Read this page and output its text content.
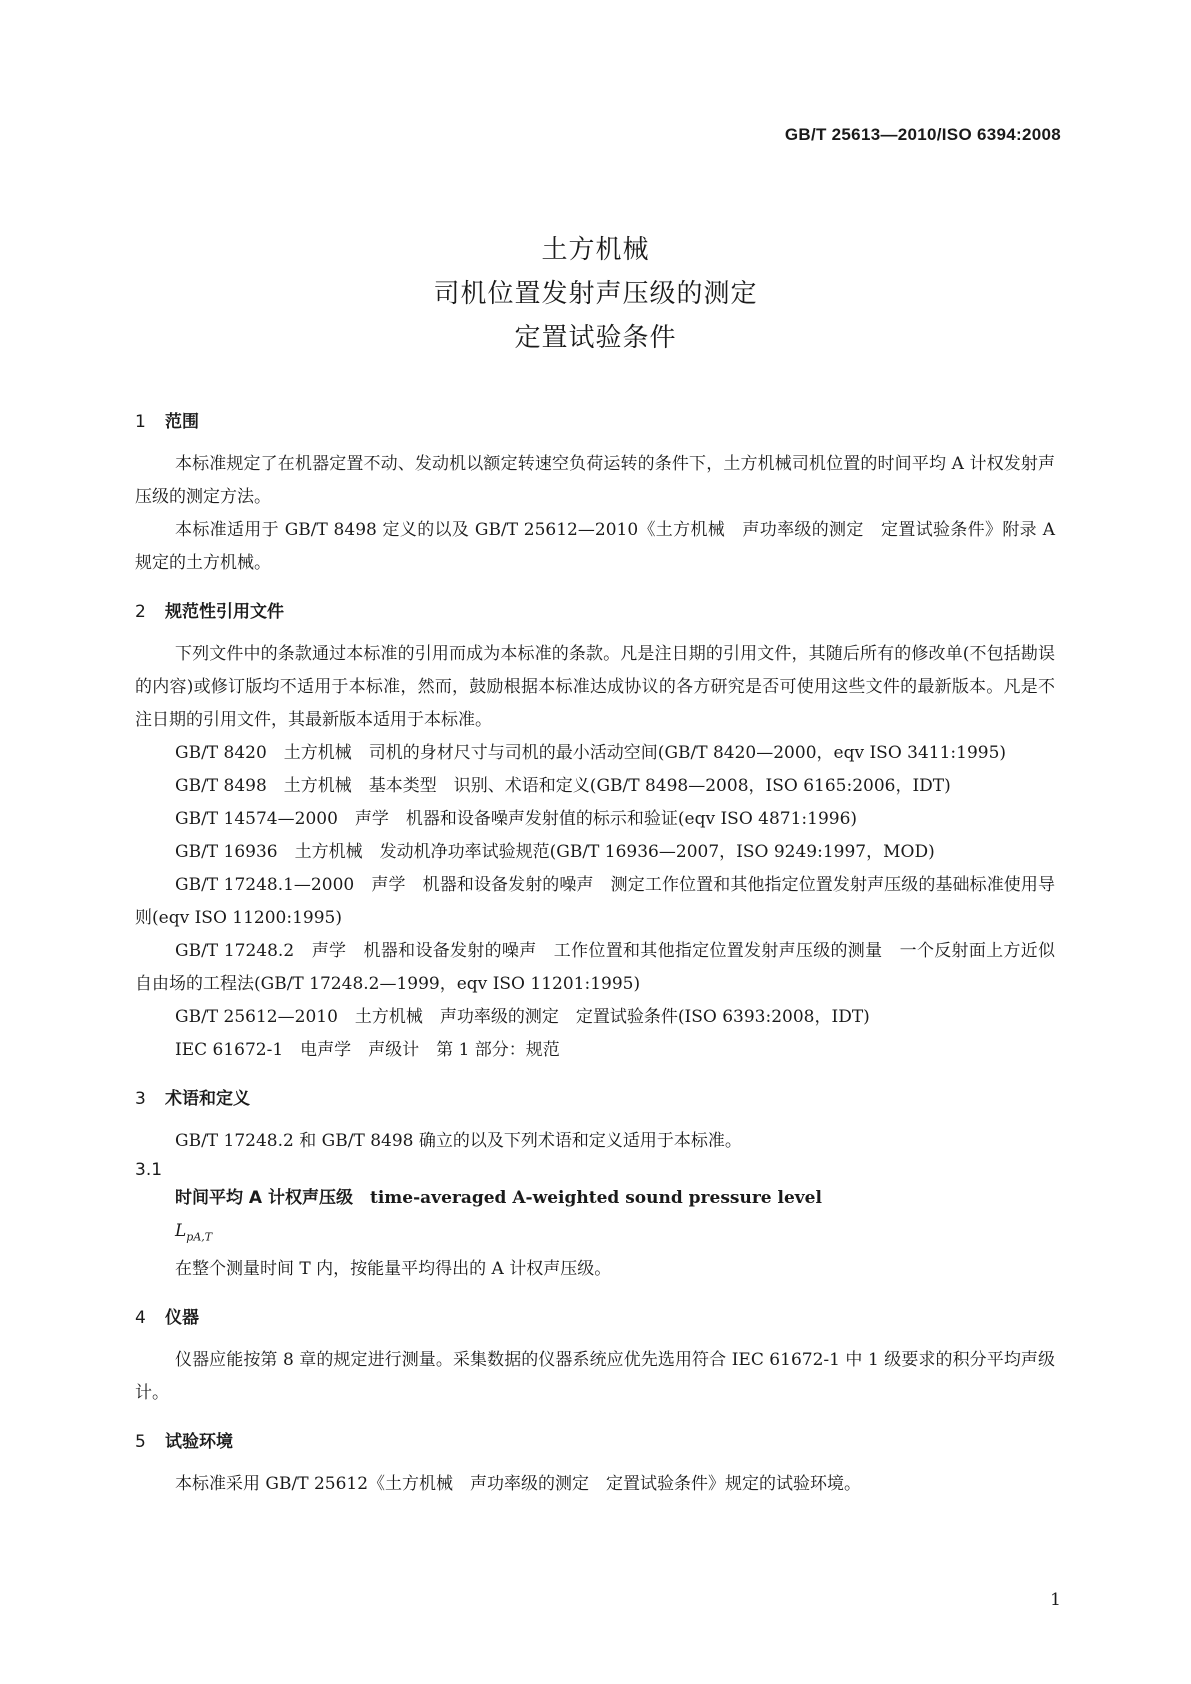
GB/T 25613—2010/ISO 6394:2008
土方机械
司机位置发射声压级的测定
定置试验条件
1 范围

本标准规定了在机器定置不动、发动机以额定转速空负荷运转的条件下，土方机械司机位置的时间平均 A 计权发射声压级的测定方法。

本标准适用于 GB/T 8498 定义的以及 GB/T 25612—2010《土方机械　声功率级的测定　定置试验条件》附录 A 规定的土方机械。

2 规范性引用文件

下列文件中的条款通过本标准的引用而成为本标准的条款。凡是注日期的引用文件，其随后所有的修改单(不包括勘误的内容)或修订版均不适用于本标准，然而，鼓励根据本标准达成协议的各方研究是否可使用这些文件的最新版本。凡是不注日期的引用文件，其最新版本适用于本标准。

GB/T 8420　土方机械　司机的身材尺寸与司机的最小活动空间(GB/T 8420—2000，eqv ISO 3411:1995)

GB/T 8498　土方机械　基本类型　识别、术语和定义(GB/T 8498—2008，ISO 6165:2006，IDT)

GB/T 14574—2000　声学　机器和设备噪声发射值的标示和验证(eqv ISO 4871:1996)

GB/T 16936　土方机械　发动机净功率试验规范(GB/T 16936—2007，ISO 9249:1997，MOD)

GB/T 17248.1—2000　声学　机器和设备发射的噪声　测定工作位置和其他指定位置发射声压级的基础标准使用导则(eqv ISO 11200:1995)

GB/T 17248.2　声学　机器和设备发射的噪声　工作位置和其他指定位置发射声压级的测量　一个反射面上方近似自由场的工程法(GB/T 17248.2—1999，eqv ISO 11201:1995)

GB/T 25612—2010　土方机械　声功率级的测定　定置试验条件(ISO 6393:2008，IDT)

IEC 61672-1　电声学　声级计　第 1 部分：规范

3 术语和定义

GB/T 17248.2 和 GB/T 8498 确立的以及下列术语和定义适用于本标准。

3.1
时间平均 A 计权声压级　 time-averaged A-weighted sound pressure level
$L_{pA,T}$

在整个测量时间 T 内，按能量平均得出的 A 计权声压级。

4 仪器

仪器应能按第 8 章的规定进行测量。采集数据的仪器系统应优先选用符合 IEC 61672-1 中 1 级要求的积分平均声级计。

5 试验环境

本标准采用 GB/T 25612《土方机械　声功率级的测定　定置试验条件》规定的试验环境。

1
